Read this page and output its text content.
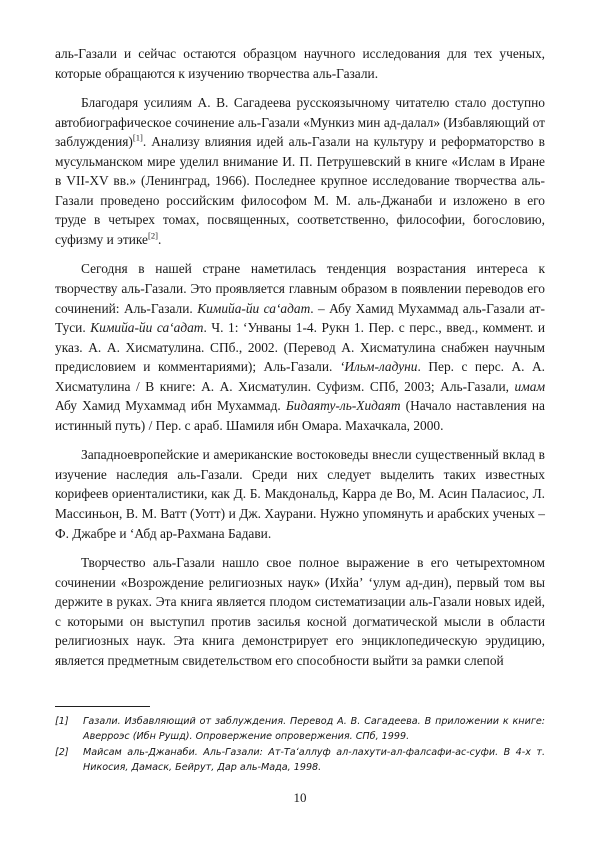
аль-Газали и сейчас остаются образцом научного исследования для тех ученых, которые обращаются к изучению творчества аль-Газали.

Благодаря усилиям А. В. Сагадеева русскоязычному читателю стало доступно автобиографическое сочинение аль-Газали «Мункиз мин ад-далал» (Избавляющий от заблуждения)[1]. Анализу влияния идей аль-Газали на культуру и реформаторство в мусульманском мире уделил внимание И. П. Петрушевский в книге «Ислам в Иране в VII-XV вв.» (Ленинград, 1966). Последнее крупное исследование творчества аль-Газали проведено российским философом М. М. аль-Джанаби и изложено в его труде в четырех томах, посвященных, соответственно, философии, богословию, суфизму и этике[2].

Сегодня в нашей стране наметилась тенденция возрастания интереса к творчеству аль-Газали. Это проявляется главным образом в появлении переводов его сочинений: Аль-Газали. Кимийа-йи саʻадат. – Абу Хамид Мухаммад аль-Газали ат-Туси. Кимийа-йи саʻадат. Ч. 1: ʻУнваны 1-4. Рукн 1. Пер. с перс., введ., коммент. и указ. А. А. Хисматулина. СПб., 2002. (Перевод А. Хисматулина снабжен научным предисловием и комментариями); Аль-Газали. ʻИльм-ладуни. Пер. с перс. А. А. Хисматулина / В книге: А. А. Хисматулин. Суфизм. СПб, 2003; Аль-Газали, имам Абу Хамид Мухаммад ибн Мухаммад. Бидаяту-ль-Хидаят (Начало наставления на истинный путь) / Пер. с араб. Шамиля ибн Омара. Махачкала, 2000.

Западноевропейские и американские востоковеды внесли существенный вклад в изучение наследия аль-Газали. Среди них следует выделить таких известных корифеев ориенталистики, как Д. Б. Макдональд, Карра де Во, М. Асин Паласиос, Л. Массиньон, В. М. Ватт (Уотт) и Дж. Хаурани. Нужно упомянуть и арабских ученых – Ф. Джабре и ʻАбд ар-Рахмана Бадави.

Творчество аль-Газали нашло свое полное выражение в его четырехтомном сочинении «Возрождение религиозных наук» (Ихйаʼ ʻулум ад-дин), первый том вы держите в руках. Эта книга является плодом систематизации аль-Газали новых идей, с которыми он выступил против засилья косной догматической мысли в области религиозных наук. Эта книга демонстрирует его энциклопедическую эрудицию, является предметным свидетельством его способности выйти за рамки слепой

[1] Газали. Избавляющий от заблуждения. Перевод А. В. Сагадеева. В приложении к книге: Аверроэс (Ибн Рушд). Опровержение опровержения. СПб, 1999.
[2] Майсам аль-Джанаби. Аль-Газали: Ат-Таʻаллуф ал-лахути-ал-фалсафи-ас-суфи. В 4-х т. Никосия, Дамаск, Бейрут, Дар аль-Мада, 1998.
10
